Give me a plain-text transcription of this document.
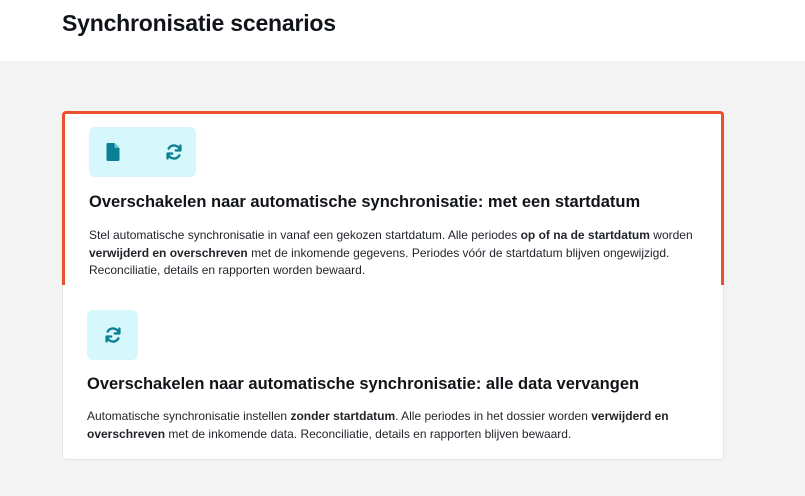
Synchronisatie scenarios
Overschakelen naar automatische synchronisatie: met een startdatum

Stel automatische synchronisatie in vanaf een gekozen startdatum. Alle periodes op of na de startdatum worden verwijderd en overschreven met de inkomende gegevens. Periodes vóór de startdatum blijven ongewijzigd. Reconciliatie, details en rapporten worden bewaard.

Overschakelen naar automatische synchronisatie: alle data vervangen

Automatische synchronisatie instellen zonder startdatum. Alle periodes in het dossier worden verwijderd en overschreven met de inkomende data. Reconciliatie, details en rapporten blijven bewaard.
